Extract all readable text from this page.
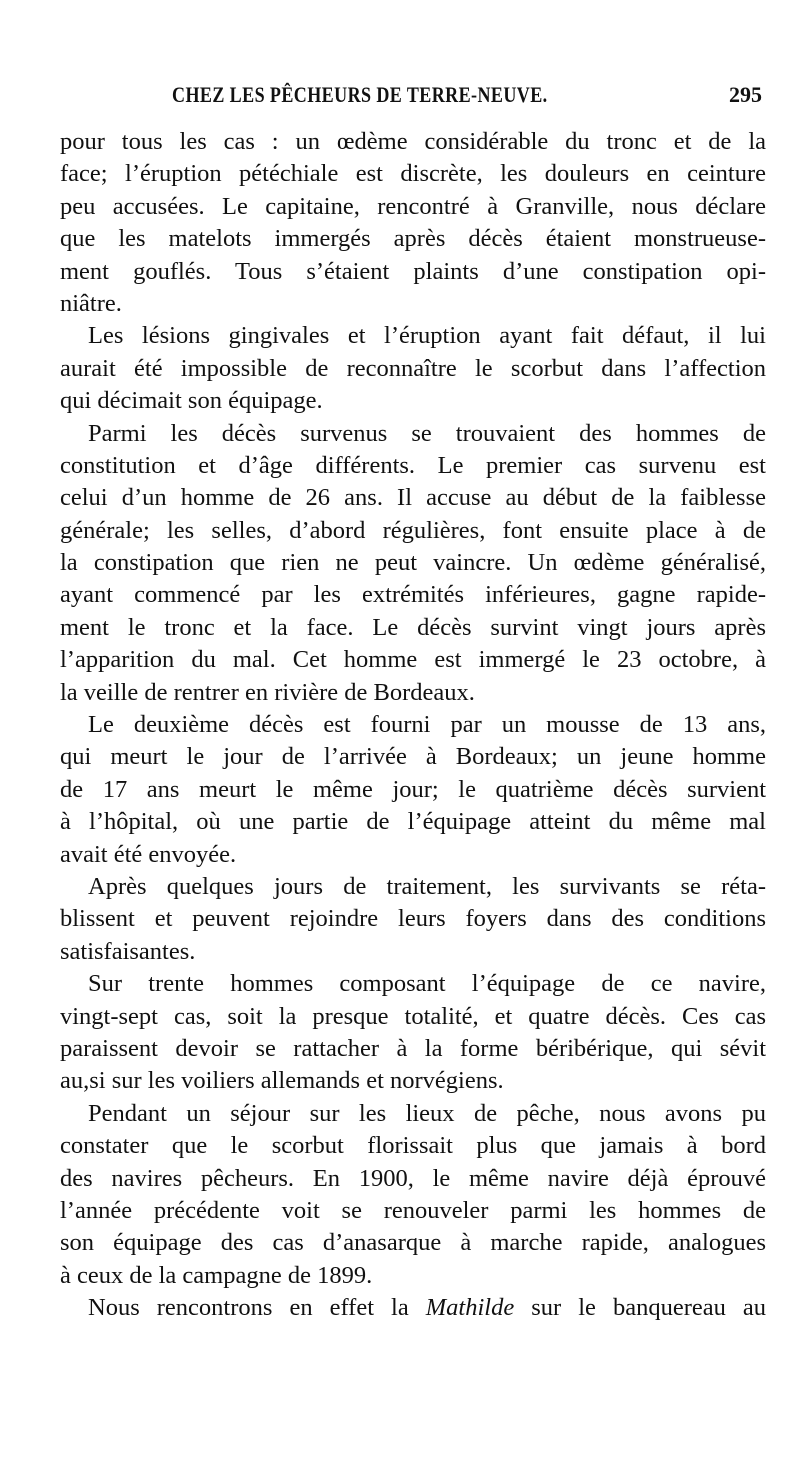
CHEZ LES PÊCHEURS DE TERRE-NEUVE.	295
pour tous les cas : un œdème considérable du tronc et de la
face; l’éruption pétéchiale est discrète, les douleurs en ceinture
peu accusées. Le capitaine, rencontré à Granville, nous déclare
que les matelots immergés après décès étaient monstrueuse-
ment gouflés. Tous s’étaient plaints d’une constipation opi-
niâtre.
Les lésions gingivales et l’éruption ayant fait défaut, il lui
aurait été impossible de reconnaître le scorbut dans l’affection
qui décimait son équipage.
Parmi les décès survenus se trouvaient des hommes de
constitution et d’âge différents. Le premier cas survenu est
celui d’un homme de 26 ans. Il accuse au début de la faiblesse
générale; les selles, d’abord régulières, font ensuite place à de
la constipation que rien ne peut vaincre. Un œdème généralisé,
ayant commencé par les extrémités inférieures, gagne rapide-
ment le tronc et la face. Le décès survint vingt jours après
l’apparition du mal. Cet homme est immergé le 23 octobre, à
la veille de rentrer en rivière de Bordeaux.
Le deuxième décès est fourni par un mousse de 13 ans,
qui meurt le jour de l’arrivée à Bordeaux; un jeune homme
de 17 ans meurt le même jour; le quatrième décès survient
à l’hôpital, où une partie de l’équipage atteint du même mal
avait été envoyée.
Après quelques jours de traitement, les survivants se réta-
blissent et peuvent rejoindre leurs foyers dans des conditions
satisfaisantes.
Sur trente hommes composant l’équipage de ce navire,
vingt-sept cas, soit la presque totalité, et quatre décès. Ces cas
paraissent devoir se rattacher à la forme béribérique, qui sévit
au,si sur les voiliers allemands et norvégiens.
Pendant un séjour sur les lieux de pêche, nous avons pu
constater que le scorbut florissait plus que jamais à bord
des navires pêcheurs. En 1900, le même navire déjà éprouvé
l’année précédente voit se renouveler parmi les hommes de
son équipage des cas d’anasarque à marche rapide, analogues
à ceux de la campagne de 1899.
Nous rencontrons en effet la Mathilde sur le banquereau au
